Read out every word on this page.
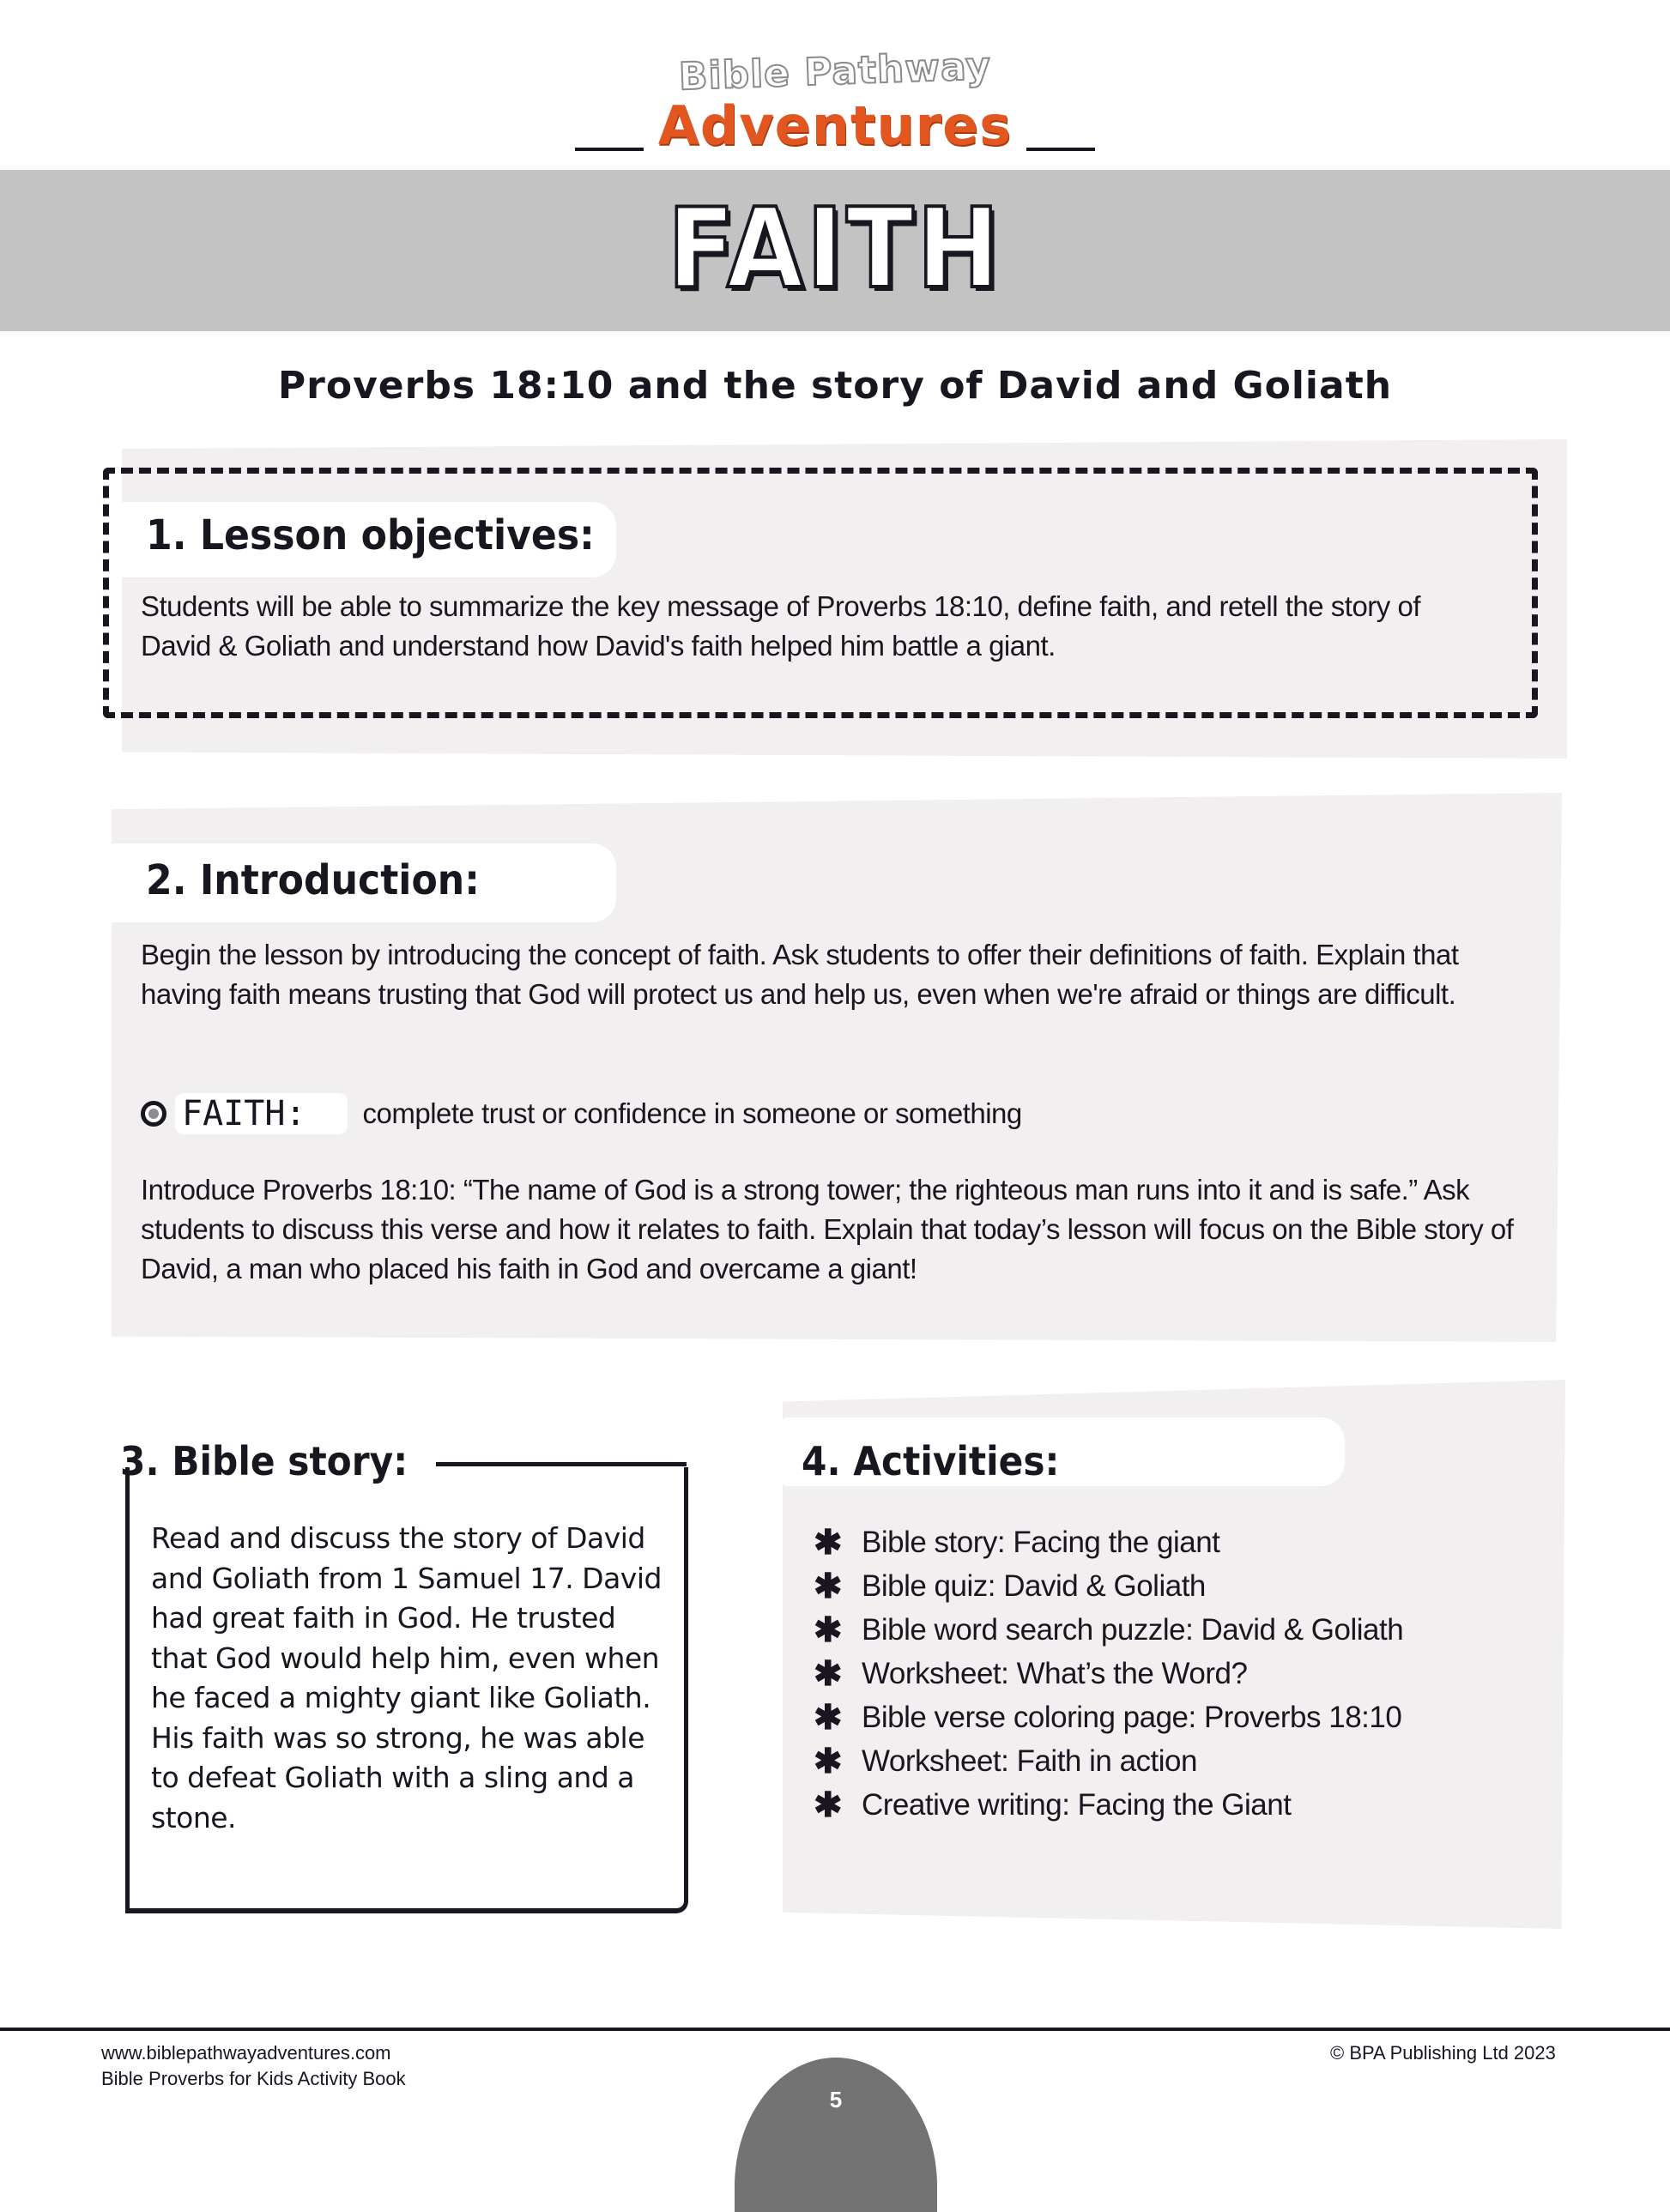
Bible Pathway
Adventures
FAITH
Proverbs 18:10 and the story of David and Goliath
1. Lesson objectives:
Students will be able to summarize the key message of Proverbs 18:10, define faith, and retell the story of David & Goliath and understand how David's faith helped him battle a giant.
2. Introduction:
Begin the lesson by introducing the concept of faith. Ask students to offer their definitions of faith. Explain that having faith means trusting that God will protect us and help us, even when we're afraid or things are difficult.
FAITH:	complete trust or confidence in someone or something
Introduce Proverbs 18:10: “The name of God is a strong tower; the righteous man runs into it and is safe.” Ask students to discuss this verse and how it relates to faith. Explain that today’s lesson will focus on the Bible story of David, a man who placed his faith in God and overcame a giant!
3. Bible story:
Read and discuss the story of David and Goliath from 1 Samuel 17. David had great faith in God. He trusted that God would help him, even when he faced a mighty giant like Goliath. His faith was so strong, he was able to defeat Goliath with a sling and a stone.
4. Activities:
✱ Bible story: Facing the giant
✱ Bible quiz: David & Goliath
✱ Bible word search puzzle: David & Goliath
✱ Worksheet: What’s the Word?
✱ Bible verse coloring page: Proverbs 18:10
✱ Worksheet: Faith in action
✱ Creative writing: Facing the Giant
www.biblepathwayadventures.com
Bible Proverbs for Kids Activity Book
© BPA Publishing Ltd 2023
5
